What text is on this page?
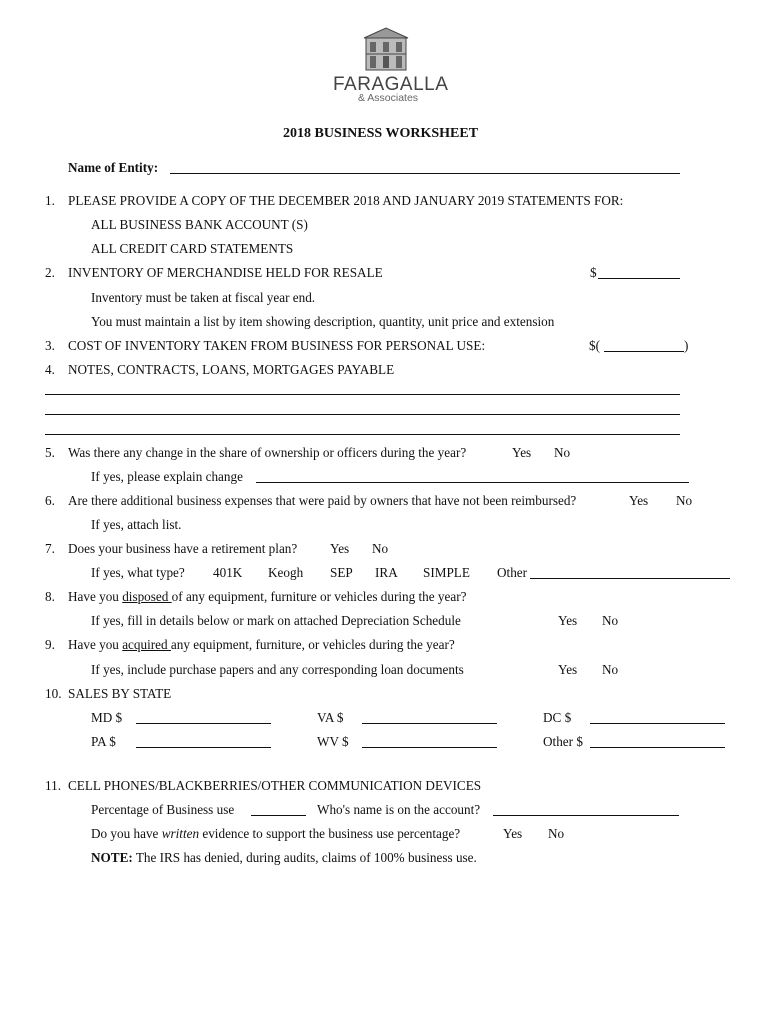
FARAGALLA
& Associates
2018 BUSINESS WORKSHEET
Name of Entity:
1. PLEASE PROVIDE A COPY OF THE DECEMBER 2018 AND JANUARY 2019 STATEMENTS FOR:
ALL BUSINESS BANK ACCOUNT (S)
ALL CREDIT CARD STATEMENTS
2. INVENTORY OF MERCHANDISE HELD FOR RESALE	$
Inventory must be taken at fiscal year end.
You must maintain a list by item showing description, quantity, unit price and extension
3. COST OF INVENTORY TAKEN FROM BUSINESS FOR PERSONAL USE:	$(	)
4. NOTES, CONTRACTS, LOANS, MORTGAGES PAYABLE
5. Was there any change in the share of ownership or officers during the year?	Yes No
If yes, please explain change
6. Are there additional business expenses that were paid by owners that have not been reimbursed?	Yes No
If yes, attach list.
7. Does your business have a retirement plan? Yes No
If yes, what type? 401K Keogh SEP IRA SIMPLE Other
8. Have you disposed of any equipment, furniture or vehicles during the year?
If yes, fill in details below or mark on attached Depreciation Schedule	Yes No
9. Have you acquired any equipment, furniture, or vehicles during the year?
If yes, include purchase papers and any corresponding loan documents	Yes No
10. SALES BY STATE
MD $	VA $	DC $
PA $	WV $	Other $
11. CELL PHONES/BLACKBERRIES/OTHER COMMUNICATION DEVICES
Percentage of Business use	Who's name is on the account?
Do you have written evidence to support the business use percentage?	Yes No
NOTE: The IRS has denied, during audits, claims of 100% business use.
